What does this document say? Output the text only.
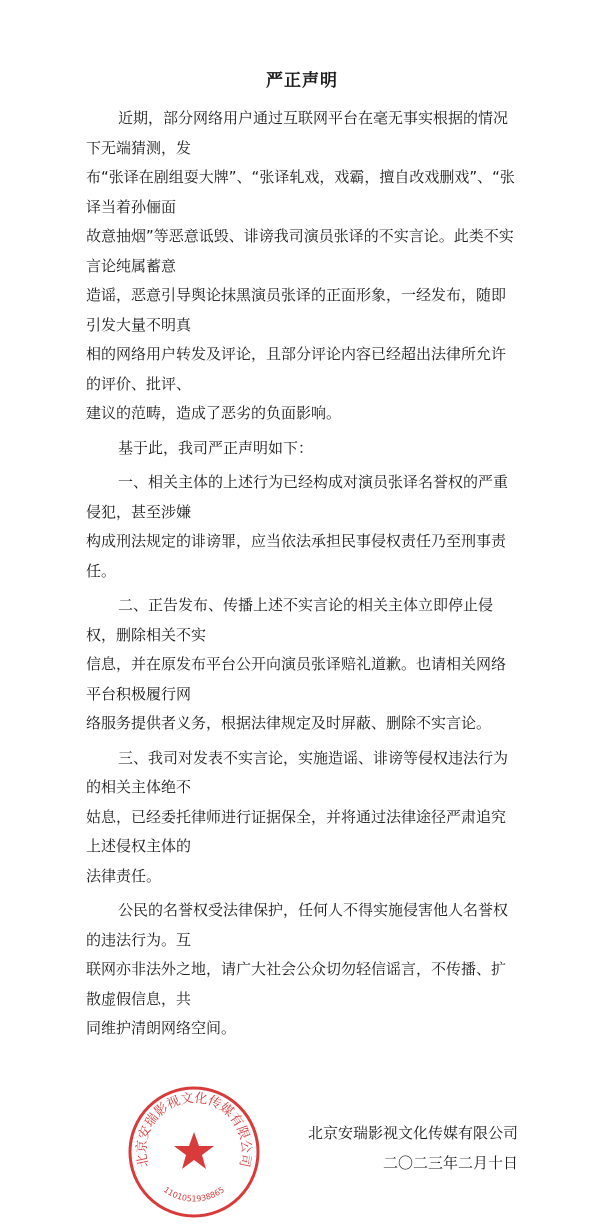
严正声明
近期，部分网络用户通过互联网平台在毫无事实根据的情况下无端猜测，发
布“张译在剧组耍大牌”、“张译轧戏，戏霸，擅自改戏删戏”、“张译当着孙俪面
故意抽烟”等恶意诋毁、诽谤我司演员张译的不实言论。此类不实言论纯属蓄意
造谣，恶意引导舆论抹黑演员张译的正面形象，一经发布，随即引发大量不明真
相的网络用户转发及评论，且部分评论内容已经超出法律所允许的评价、批评、
建议的范畴，造成了恶劣的负面影响。
基于此，我司严正声明如下：
一、相关主体的上述行为已经构成对演员张译名誉权的严重侵犯，甚至涉嫌
构成刑法规定的诽谤罪，应当依法承担民事侵权责任乃至刑事责任。
二、正告发布、传播上述不实言论的相关主体立即停止侵权，删除相关不实
信息，并在原发布平台公开向演员张译赔礼道歉。也请相关网络平台积极履行网
络服务提供者义务，根据法律规定及时屏蔽、删除不实言论。
三、我司对发表不实言论，实施造谣、诽谤等侵权违法行为的相关主体绝不
姑息，已经委托律师进行证据保全，并将通过法律途径严肃追究上述侵权主体的
法律责任。
公民的名誉权受法律保护，任何人不得实施侵害他人名誉权的违法行为。互
联网亦非法外之地，请广大社会公众切勿轻信谣言，不传播、扩散虚假信息，共
同维护清朗网络空间。
北京安瑞影视文化传媒有限公司
1101051938865
北京安瑞影视文化传媒有限公司
二〇二三年二月十日
